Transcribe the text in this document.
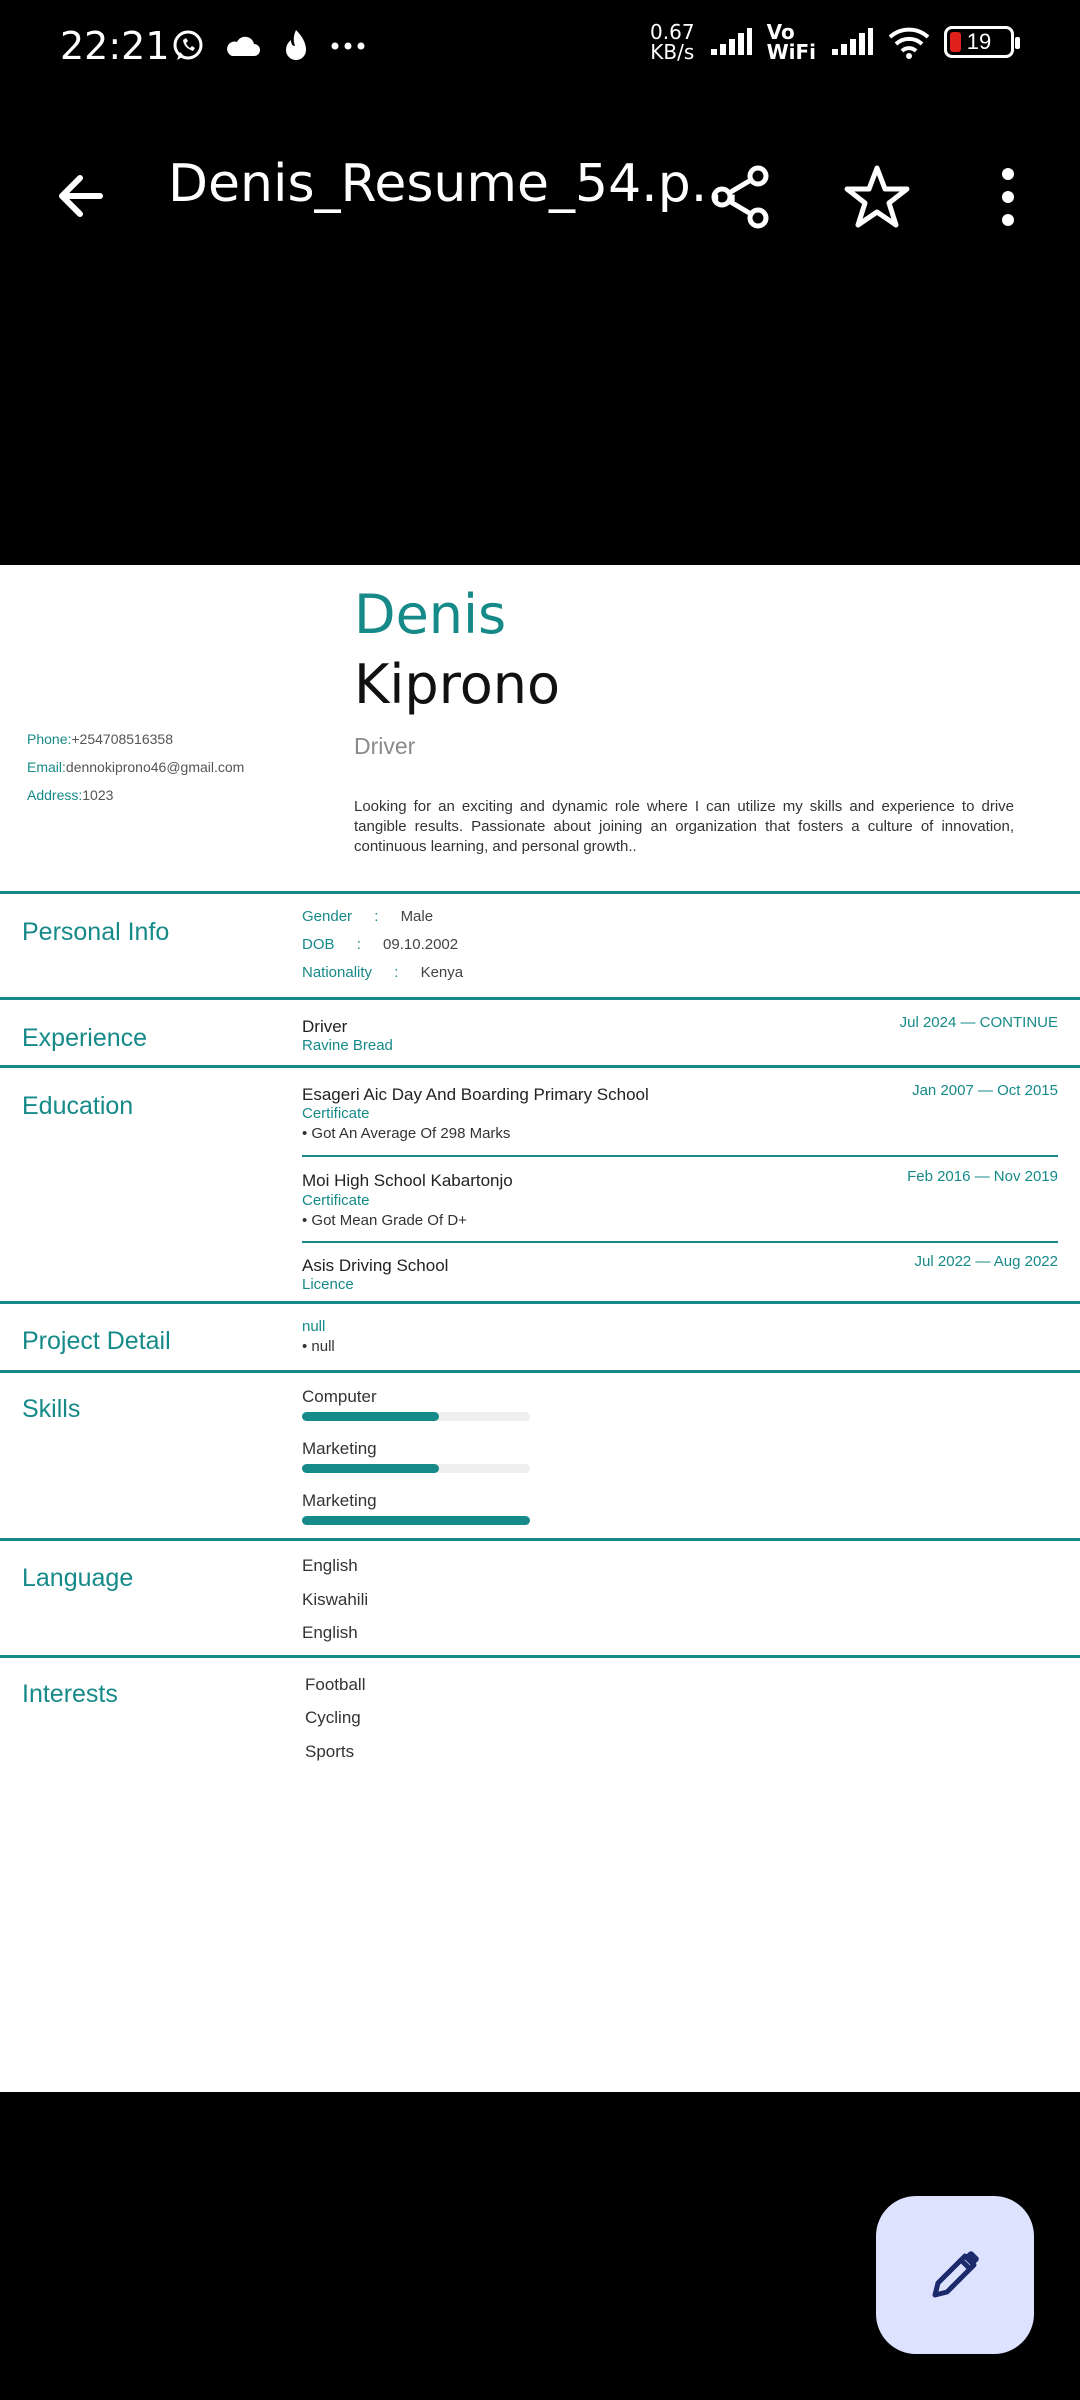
22:21	0.67
KB/s
Vo
WiFi	19
Denis_Resume_54.p...
Denis
Kiprono
Driver
Phone:+254708516358
Email:dennokiprono46@gmail.com
Address:1023
Looking for an exciting and dynamic role where I can utilize my skills and experience to drive tangible results. Passionate about joining an organization that fosters a culture of innovation, continuous learning, and personal growth..
Personal Info
Gender : Male
DOB : 09.10.2002
Nationality : Kenya
Experience	Driver
Ravine Bread
Jul 2024 — CONTINUE
Education	Esageri Aic Day And Boarding Primary School
Certificate
• Got An Average Of 298 Marks
Jan 2007 — Oct 2015
Moi High School Kabartonjo
Certificate
• Got Mean Grade Of D+
Feb 2016 — Nov 2019
Asis Driving School
Licence
Jul 2022 — Aug 2022
Project Detail
null
• null
Skills	Computer
Marketing
Marketing
Language	English
Kiswahili
English
Interests	Football
Cycling
Sports
